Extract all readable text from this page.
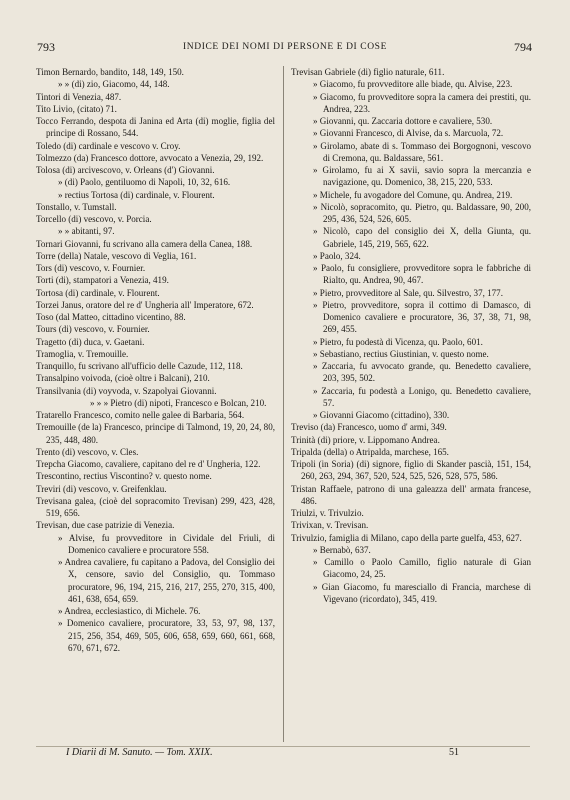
793	INDICE DEI NOMI DI PERSONE E DI COSE	794
Timon Bernardo, bandito, 148, 149, 150.
» » (di) zio, Giacomo, 44, 148.
Tintori di Venezia, 487.
Tito Livio, (citato) 71.
Tocco Ferrando, despota di Janina ed Arta (di) moglie, figlia del principe di Rossano, 544.
Toledo (di) cardinale e vescovo v. Croy.
Tolmezzo (da) Francesco dottore, avvocato a Venezia, 29, 192.
Tolosa (di) arcivescovo, v. Orleans (d') Giovanni.
» (di) Paolo, gentiluomo di Napoli, 10, 32, 616.
» rectius Tortosa (di) cardinale, v. Flourent.
Tonstallo, v. Tumstall.
Torcello (di) vescovo, v. Porcia.
» » abitanti, 97.
Tornari Giovanni, fu scrivano alla camera della Canea, 188.
Torre (della) Natale, vescovo di Veglia, 161.
Tors (di) vescovo, v. Fournier.
Torti (di), stampatori a Venezia, 419.
Tortosa (di) cardinale, v. Flourent.
Torzei Janus, oratore del re d' Ungheria all' Imperatore, 672.
Toso (dal Matteo, cittadino vicentino, 88.
Tours (di) vescovo, v. Fournier.
Tragetto (di) duca, v. Gaetani.
Tramoglia, v. Tremouille.
Tranquillo, fu scrivano all'ufficio delle Cazude, 112, 118.
Transalpino voivoda, (cioè oltre i Balcani), 210.
Transilvania (di) voyvoda, v. Szapolyai Giovanni.
» » » Pietro (di) nipoti, Francesco e Bolcan, 210.
Tratarello Francesco, comito nelle galee di Barbaria, 564.
Tremouille (de la) Francesco, principe di Talmond, 19, 20, 24, 80, 235, 448, 480.
Trento (di) vescovo, v. Cles.
Trepcha Giacomo, cavaliere, capitano del re d' Ungheria, 122.
Trescontino, rectius Viscontino? v. questo nome.
Treviri (di) vescovo, v. Greifenklau.
Trevisana galea, (cioè del sopracomito Trevisan) 299, 423, 428, 519, 656.
Trevisan, due case patrizie di Venezia.
» Alvise, fu provveditore in Cividale del Friuli, di Domenico cavaliere e procuratore 558.
» Andrea cavaliere, fu capitano a Padova, del Consiglio dei X, censore, savio del Consiglio, qu. Tommaso procuratore, 96, 194, 215, 216, 217, 255, 270, 315, 400, 461, 638, 654, 659.
» Andrea, ecclesiastico, di Michele. 76.
» Domenico cavaliere, procuratore, 33, 53, 97, 98, 137, 215, 256, 354, 469, 505, 606, 658, 659, 660, 661, 668, 670, 671, 672.
Trevisan Gabriele (di) figlio naturale, 611.
» Giacomo, fu provveditore alle biade, qu. Alvise, 223.
» Giacomo, fu provveditore sopra la camera dei prestiti, qu. Andrea, 223.
» Giovanni, qu. Zaccaria dottore e cavaliere, 530.
» Giovanni Francesco, di Alvise, da s. Marcuola, 72.
» Girolamo, abate di s. Tommaso dei Borgognoni, vescovo di Cremona, qu. Baldassare, 561.
» Girolamo, fu ai X savii, savio sopra la mercanzia e navigazione, qu. Domenico, 38, 215, 220, 533.
» Michele, fu avogadore del Comune, qu. Andrea, 219.
» Nicolò, sopracomito, qu. Pietro, qu. Baldassare, 90, 200, 295, 436, 524, 526, 605.
» Nicolò, capo del consiglio dei X, della Giunta, qu. Gabriele, 145, 219, 565, 622.
» Paolo, 324.
» Paolo, fu consigliere, provveditore sopra le fabbriche di Rialto, qu. Andrea, 90, 467.
» Pietro, provveditore al Sale, qu. Silvestro, 37, 177.
» Pietro, provveditore, sopra il cottimo di Damasco, di Domenico cavaliere e procuratore, 36, 37, 38, 71, 98, 269, 455.
» Pietro, fu podestà di Vicenza, qu. Paolo, 601.
» Sebastiano, rectius Giustinian, v. questo nome.
» Zaccaria, fu avvocato grande, qu. Benedetto cavaliere, 203, 395, 502.
» Zaccaria, fu podestà a Lonigo, qu. Benedetto cavaliere, 57.
» Giovanni Giacomo (cittadino), 330.
Treviso (da) Francesco, uomo d' armi, 349.
Trinità (di) priore, v. Lippomano Andrea.
Tripalda (della) o Atripalda, marchese, 165.
Tripoli (in Soria) (di) signore, figlio di Skander pascià, 151, 154, 260, 263, 294, 367, 520, 524, 525, 526, 528, 575, 586.
Tristan Raffaele, patrono di una galeazza dell' armata francese, 486.
Triulzi, v. Trivulzio.
Trivixan, v. Trevisan.
Trivulzio, famiglia di Milano, capo della parte guelfa, 453, 627.
» Bernabò, 637.
» Camillo o Paolo Camillo, figlio naturale di Gian Giacomo, 24, 25.
» Gian Giacomo, fu maresciallo di Francia, marchese di Vigevano (ricordato), 345, 419.
I Diarii di M. Sanuto. — Tom. XXIX.	51
